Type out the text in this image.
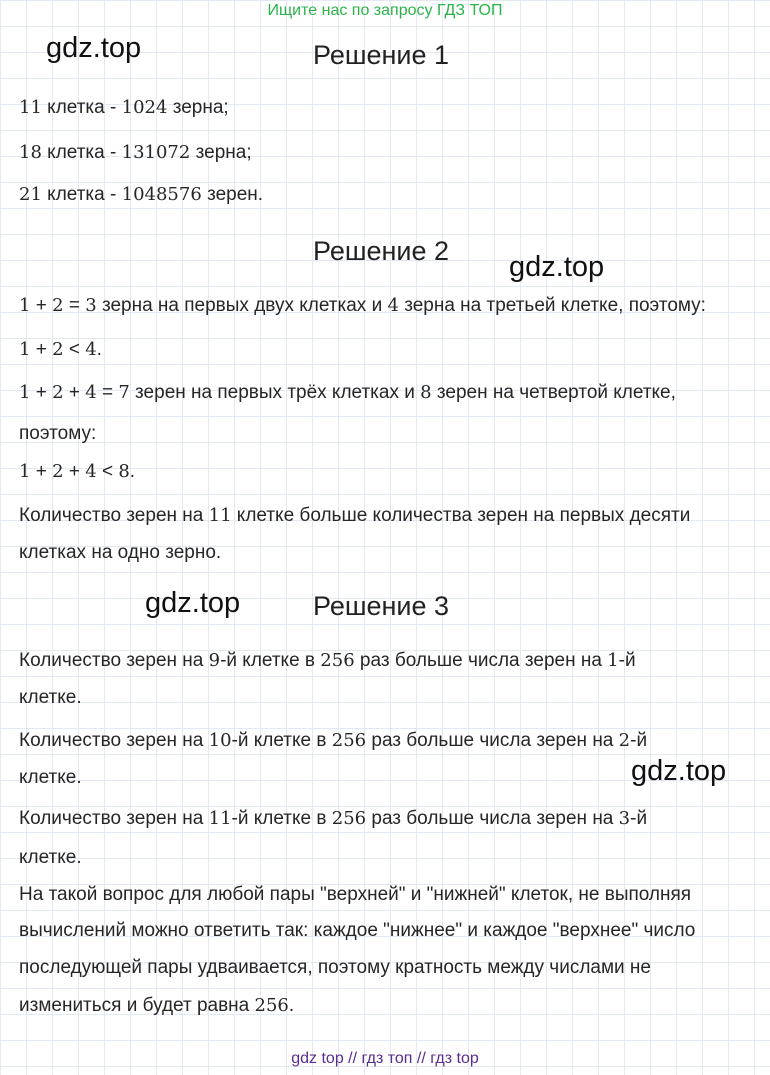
Ищите нас по запросу ГДЗ ТОП
gdz.top
gdz.top
gdz.top
gdz.top
Решение 1
Решение 2
Решение 3
11 клетка - 1024 зерна;
18 клетка - 131072 зерна;
21 клетка - 1048576 зерен.
1 + 2 = 3 зерна на первых двух клетках и 4 зерна на третьей клетке, поэтому:
1 + 2 < 4.
1 + 2 + 4 = 7 зерен на первых трёх клетках и 8 зерен на четвертой клетке,
поэтому:
1 + 2 + 4 < 8.
Количество зерен на 11 клетке больше количества зерен на первых десяти
клетках на одно зерно.
Количество зерен на 9-й клетке в 256 раз больше числа зерен на 1-й
клетке.
Количество зерен на 10-й клетке в 256 раз больше числа зерен на 2-й
клетке.
Количество зерен на 11-й клетке в 256 раз больше числа зерен на 3-й
клетке.
На такой вопрос для любой пары "верхней" и "нижней" клеток, не выполняя
вычислений можно ответить так: каждое "нижнее" и каждое "верхнее" число
последующей пары удваивается, поэтому кратность между числами не
измениться и будет равна 256.
gdz top // гдз топ // гдз top
